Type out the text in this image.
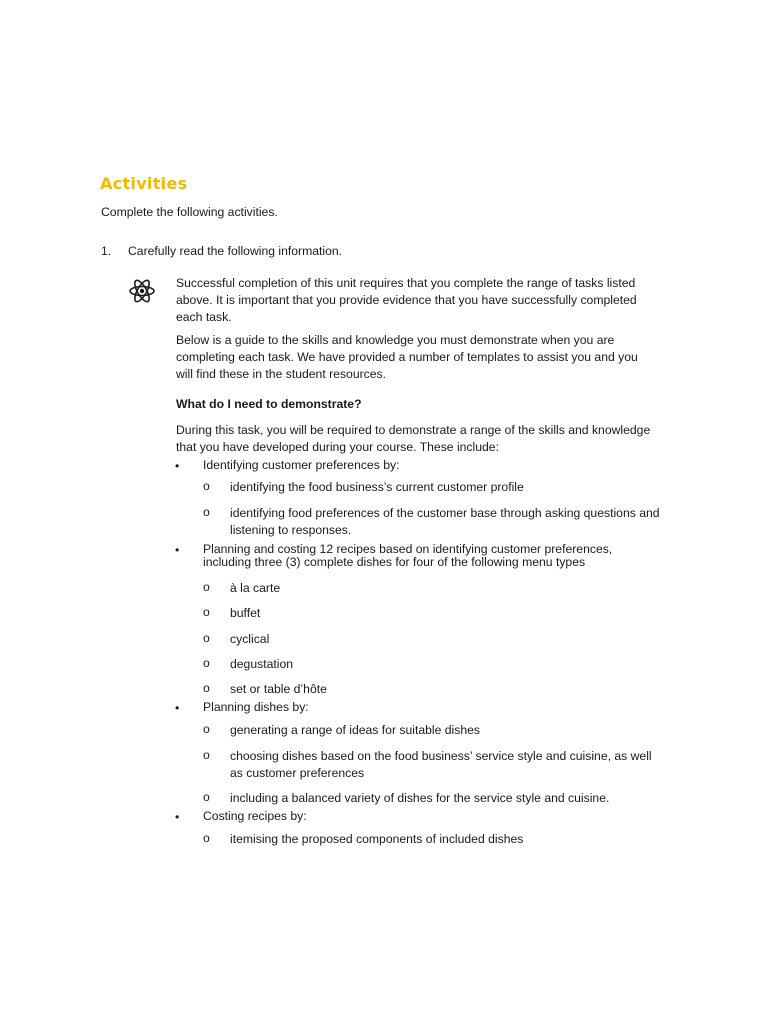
Activities
Complete the following activities.
1. Carefully read the following information.
Successful completion of this unit requires that you complete the range of tasks listed above. It is important that you provide evidence that you have successfully completed each task.
Below is a guide to the skills and knowledge you must demonstrate when you are completing each task. We have provided a number of templates to assist you and you will find these in the student resources.
What do I need to demonstrate?
During this task, you will be required to demonstrate a range of the skills and knowledge that you have developed during your course. These include:
• Identifying customer preferences by:
o identifying the food business’s current customer profile
o identifying food preferences of the customer base through asking questions and listening to responses.
• Planning and costing 12 recipes based on identifying customer preferences, including three (3) complete dishes for four of the following menu types
o à la carte
o buffet
o cyclical
o degustation
o set or table d’hôte
• Planning dishes by:
o generating a range of ideas for suitable dishes
o choosing dishes based on the food business’ service style and cuisine, as well as customer preferences
o including a balanced variety of dishes for the service style and cuisine.
• Costing recipes by:
o itemising the proposed components of included dishes
